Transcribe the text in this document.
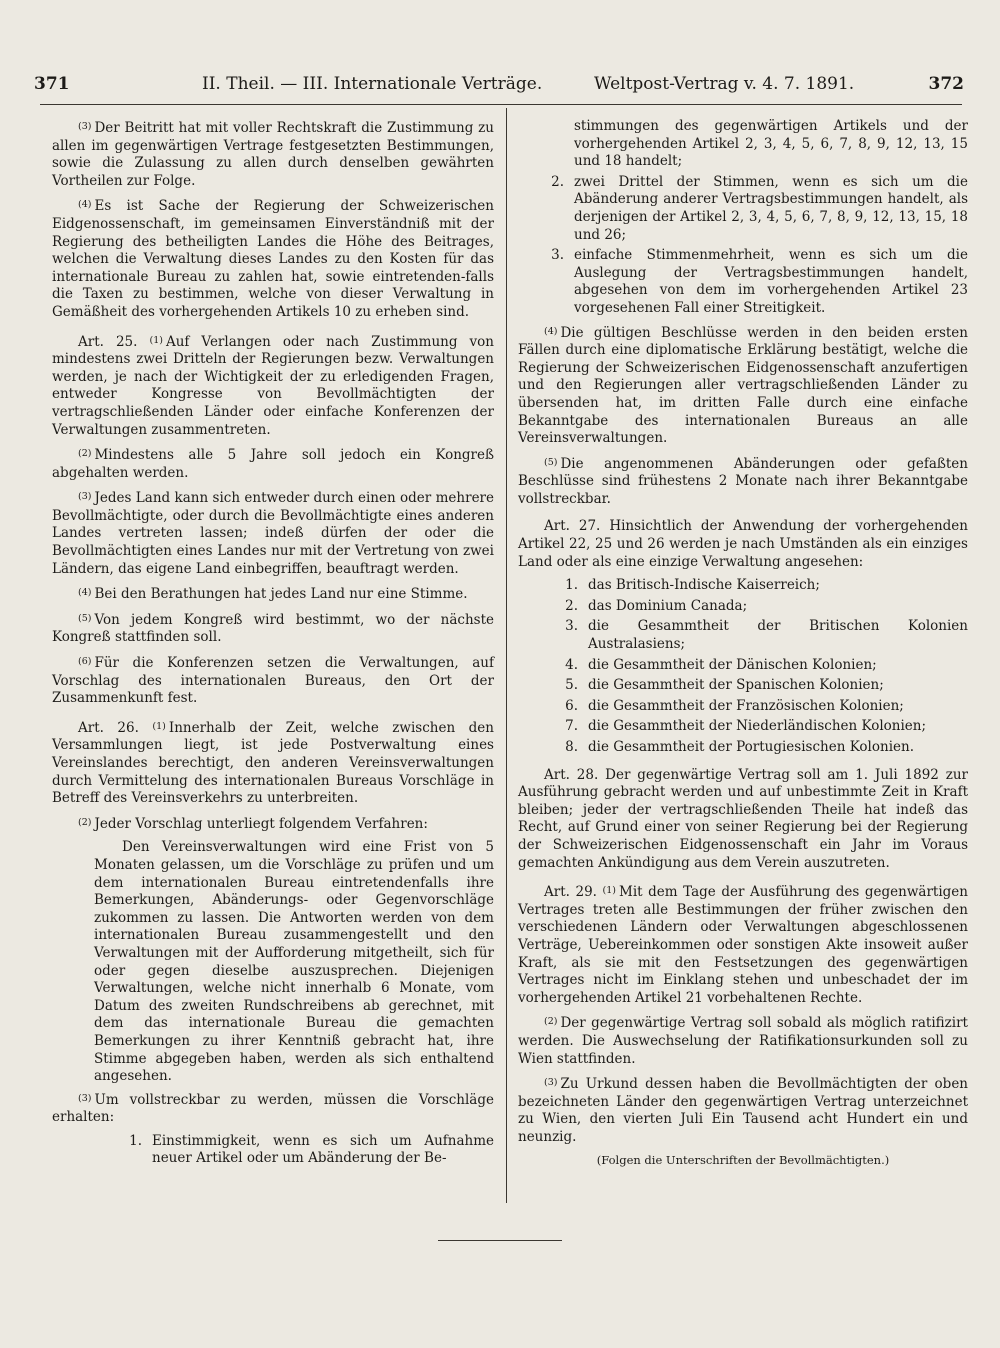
371	II. Theil. — III. Internationale Verträge.	Weltpost-Vertrag v. 4. 7. 1891.	372

$^{(3)}$ Der Beitritt hat mit voller Rechtskraft die Zustimmung zu allen im gegenwärtigen Vertrage festgesetzten Bestimmungen, sowie die Zulassung zu allen durch denselben gewährten Vortheilen zur Folge.

$^{(4)}$ Es ist Sache der Regierung der Schweizerischen Eidgenossenschaft, im gemeinsamen Einverständniß mit der Regierung des betheiligten Landes die Höhe des Beitrages, welchen die Verwaltung dieses Landes zu den Kosten für das internationale Bureau zu zahlen hat, sowie eintretenden-falls die Taxen zu bestimmen, welche von dieser Verwaltung in Gemäßheit des vorhergehenden Artikels 10 zu erheben sind.

Art. 25. $^{(1)}$ Auf Verlangen oder nach Zustimmung von mindestens zwei Dritteln der Regierungen bezw. Verwaltungen werden, je nach der Wichtigkeit der zu erledigenden Fragen, entweder Kongresse von Bevollmächtigten der vertragschließenden Länder oder einfache Konferenzen der Verwaltungen zusammentreten.

$^{(2)}$ Mindestens alle 5 Jahre soll jedoch ein Kongreß abgehalten werden.

$^{(3)}$ Jedes Land kann sich entweder durch einen oder mehrere Bevollmächtigte, oder durch die Bevollmächtigte eines anderen Landes vertreten lassen; indeß dürfen der oder die Bevollmächtigten eines Landes nur mit der Vertretung von zwei Ländern, das eigene Land einbegriffen, beauftragt werden.

$^{(4)}$ Bei den Berathungen hat jedes Land nur eine Stimme.

$^{(5)}$ Von jedem Kongreß wird bestimmt, wo der nächste Kongreß stattfinden soll.

$^{(6)}$ Für die Konferenzen setzen die Verwaltungen, auf Vorschlag des internationalen Bureaus, den Ort der Zusammenkunft fest.

Art. 26. $^{(1)}$ Innerhalb der Zeit, welche zwischen den Versammlungen liegt, ist jede Postverwaltung eines Vereinslandes berechtigt, den anderen Vereinsverwaltungen durch Vermittelung des internationalen Bureaus Vorschläge in Betreff des Vereinsverkehrs zu unterbreiten.

$^{(2)}$ Jeder Vorschlag unterliegt folgendem Verfahren:

Den Vereinsverwaltungen wird eine Frist von 5 Monaten gelassen, um die Vorschläge zu prüfen und um dem internationalen Bureau eintretendenfalls ihre Bemerkungen, Abänderungs- oder Gegenvorschläge zukommen zu lassen. Die Antworten werden von dem internationalen Bureau zusammengestellt und den Verwaltungen mit der Aufforderung mitgetheilt, sich für oder gegen dieselbe auszusprechen. Diejenigen Verwaltungen, welche nicht innerhalb 6 Monate, vom Datum des zweiten Rundschreibens ab gerechnet, mit dem das internationale Bureau die gemachten Bemerkungen zu ihrer Kenntniß gebracht hat, ihre Stimme abgegeben haben, werden als sich enthaltend angesehen.

$^{(3)}$ Um vollstreckbar zu werden, müssen die Vorschläge erhalten:

1. Einstimmigkeit, wenn es sich um Aufnahme neuer Artikel oder um Abänderung der Be-
stimmungen des gegenwärtigen Artikels und der vorhergehenden Artikel 2, 3, 4, 5, 6, 7, 8, 9, 12, 13, 15 und 18 handelt;
2. zwei Drittel der Stimmen, wenn es sich um die Abänderung anderer Vertragsbestimmungen handelt, als derjenigen der Artikel 2, 3, 4, 5, 6, 7, 8, 9, 12, 13, 15, 18 und 26;
3. einfache Stimmenmehrheit, wenn es sich um die Auslegung der Vertragsbestimmungen handelt, abgesehen von dem im vorhergehenden Artikel 23 vorgesehenen Fall einer Streitigkeit.

$^{(4)}$ Die gültigen Beschlüsse werden in den beiden ersten Fällen durch eine diplomatische Erklärung bestätigt, welche die Regierung der Schweizerischen Eidgenossenschaft anzufertigen und den Regierungen aller vertragschließenden Länder zu übersenden hat, im dritten Falle durch eine einfache Bekanntgabe des internationalen Bureaus an alle Vereinsverwaltungen.

$^{(5)}$ Die angenommenen Abänderungen oder gefaßten Beschlüsse sind frühestens 2 Monate nach ihrer Bekanntgabe vollstreckbar.

Art. 27. Hinsichtlich der Anwendung der vorhergehenden Artikel 22, 25 und 26 werden je nach Umständen als ein einziges Land oder als eine einzige Verwaltung angesehen:

1. das Britisch-Indische Kaiserreich;
2. das Dominium Canada;
3. die Gesammtheit der Britischen Kolonien Australasiens;
4. die Gesammtheit der Dänischen Kolonien;
5. die Gesammtheit der Spanischen Kolonien;
6. die Gesammtheit der Französischen Kolonien;
7. die Gesammtheit der Niederländischen Kolonien;
8. die Gesammtheit der Portugiesischen Kolonien.

Art. 28. Der gegenwärtige Vertrag soll am 1. Juli 1892 zur Ausführung gebracht werden und auf unbestimmte Zeit in Kraft bleiben; jeder der vertragschließenden Theile hat indeß das Recht, auf Grund einer von seiner Regierung bei der Regierung der Schweizerischen Eidgenossenschaft ein Jahr im Voraus gemachten Ankündigung aus dem Verein auszutreten.

Art. 29. $^{(1)}$ Mit dem Tage der Ausführung des gegenwärtigen Vertrages treten alle Bestimmungen der früher zwischen den verschiedenen Ländern oder Verwaltungen abgeschlossenen Verträge, Uebereinkommen oder sonstigen Akte insoweit außer Kraft, als sie mit den Festsetzungen des gegenwärtigen Vertrages nicht im Einklang stehen und unbeschadet der im vorhergehenden Artikel 21 vorbehaltenen Rechte.

$^{(2)}$ Der gegenwärtige Vertrag soll sobald als möglich ratifizirt werden. Die Auswechselung der Ratifikationsurkunden soll zu Wien stattfinden.

$^{(3)}$ Zu Urkund dessen haben die Bevollmächtigten der oben bezeichneten Länder den gegenwärtigen Vertrag unterzeichnet zu Wien, den vierten Juli Ein Tausend acht Hundert ein und neunzig.

(Folgen die Unterschriften der Bevollmächtigten.)
